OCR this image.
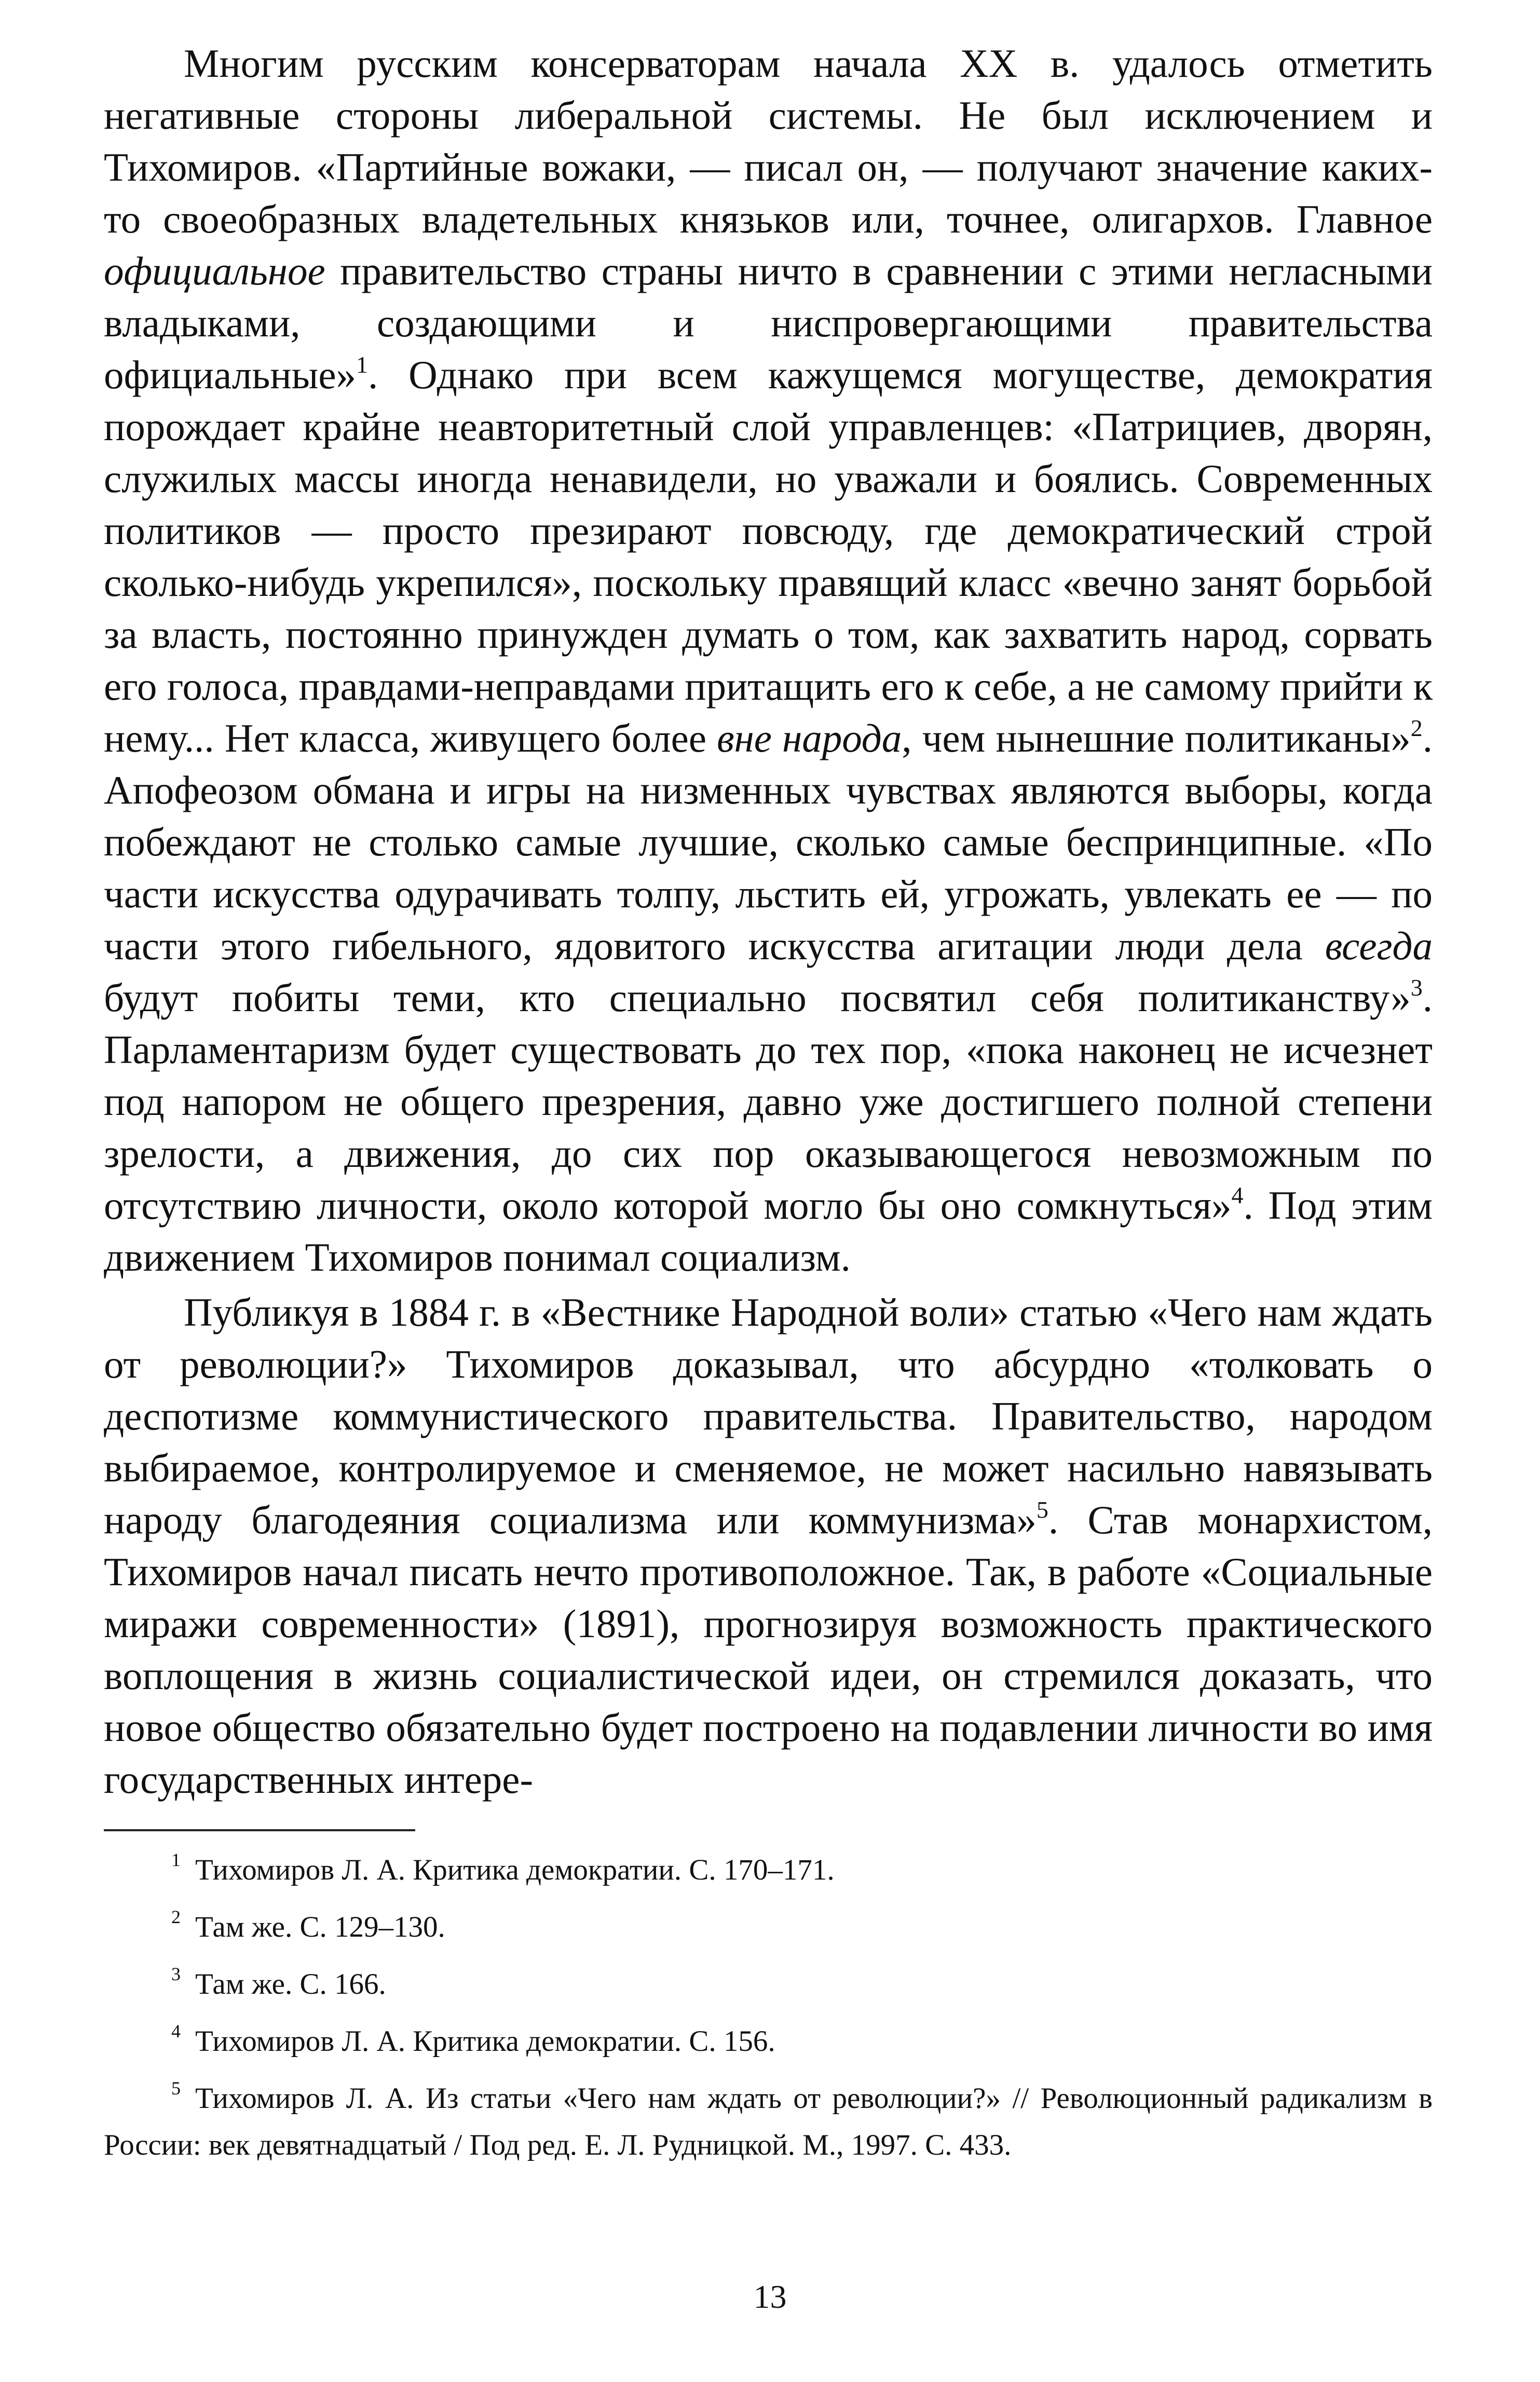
Многим русским консерваторам начала XX в. удалось отметить негативные стороны либеральной системы. Не был исключением и Тихомиров. «Партийные вожаки, — писал он, — получают значение каких-то своеобразных владетельных князьков или, точнее, олигархов. Главное официальное правительство страны ничто в сравнении с этими негласными владыками, создающими и ниспровергающими правительства официальные»$^1$. Однако при всем кажущемся могуществе, демократия порождает крайне неавторитетный слой управленцев: «Патрициев, дворян, служилых массы иногда ненавидели, но уважали и боялись. Современных политиков — просто презирают повсюду, где демократический строй сколько-нибудь укрепился», поскольку правящий класс «вечно занят борьбой за власть, постоянно принужден думать о том, как захватить народ, сорвать его голоса, правдами-неправдами притащить его к себе, а не самому прийти к нему... Нет класса, живущего более вне народа, чем нынешние политиканы»$^2$. Апофеозом обмана и игры на низменных чувствах являются выборы, когда побеждают не столько самые лучшие, сколько самые беспринципные. «По части искусства одурачивать толпу, льстить ей, угрожать, увлекать ее — по части этого гибельного, ядовитого искусства агитации люди дела всегда будут побиты теми, кто специально посвятил себя политиканству»$^3$. Парламентаризм будет существовать до тех пор, «пока наконец не исчезнет под напором не общего презрения, давно уже достигшего полной степени зрелости, а движения, до сих пор оказывающегося невозможным по отсутствию личности, около которой могло бы оно сомкнуться»$^4$. Под этим движением Тихомиров понимал социализм.

Публикуя в 1884 г. в «Вестнике Народной воли» статью «Чего нам ждать от революции?» Тихомиров доказывал, что абсурдно «толковать о деспотизме коммунистического правительства. Правительство, народом выбираемое, контролируемое и сменяемое, не может насильно навязывать народу благодеяния социализма или коммунизма»$^5$. Став монархистом, Тихомиров начал писать нечто противоположное. Так, в работе «Социальные миражи современности» (1891), прогнозируя возможность практического воплощения в жизнь социалистической идеи, он стремился доказать, что новое общество обязательно будет построено на подавлении личности во имя государственных интере-

$^1$ Тихомиров Л. А. Критика демократии. С. 170–171.
$^2$ Там же. С. 129–130.
$^3$ Там же. С. 166.
$^4$ Тихомиров Л. А. Критика демократии. С. 156.
$^5$ Тихомиров Л. А. Из статьи «Чего нам ждать от революции?» // Революционный радикализм в России: век девятнадцатый / Под ред. Е. Л. Рудницкой. М., 1997. С. 433.
13
